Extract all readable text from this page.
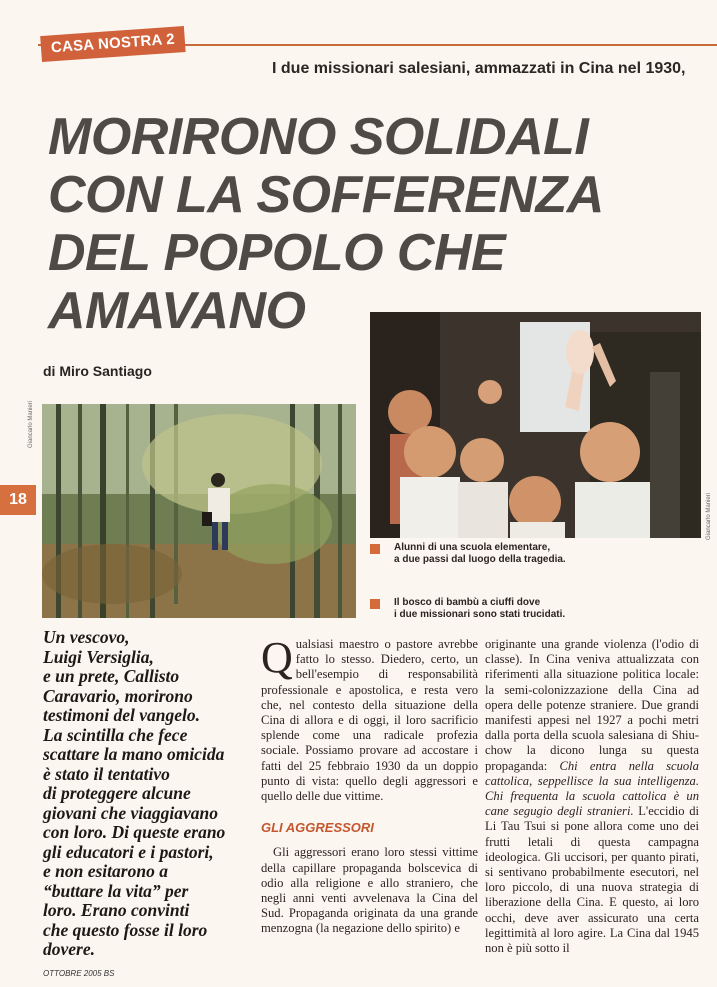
CASA NOSTRA 2
I due missionari salesiani, ammazzati in Cina nel 1930,
MORIRONO SOLIDALI
CON LA SOFFERENZA
DEL POPOLO CHE
AMAVANO
di Miro Santiago
Giancarlo Manieri
18
Giancarlo Manieri
Alunni di una scuola elementare,
a due passi dal luogo della tragedia.
Il bosco di bambù a ciuffi dove
i due missionari sono stati trucidati.
Un vescovo,
Luigi Versiglia,
e un prete, Callisto
Caravario, morirono
testimoni del vangelo.
La scintilla che fece
scattare la mano omicida
è stato il tentativo
di proteggere alcune
giovani che viaggiavano
con loro. Di queste erano
gli educatori e i pastori,
e non esitarono a
“buttare la vita” per
loro. Erano convinti
che questo fosse il loro
dovere.
Qualsiasi maestro o pastore avrebbe fatto lo stesso. Diedero, certo, un bell'esempio di responsabilità professionale e apostolica, e resta vero che, nel contesto della situazione della Cina di allora e di oggi, il loro sacrificio splende come una radicale profezia sociale. Possiamo provare ad accostare i fatti del 25 febbraio 1930 da un doppio punto di vista: quello degli aggressori e quello delle due vittime.
GLI AGGRESSORI
Gli aggressori erano loro stessi vittime della capillare propaganda bolscevica di odio alla religione e allo straniero, che negli anni venti avvelenava la Cina del Sud. Propaganda originata da una grande menzogna (la negazione dello spirito) e
originante una grande violenza (l'odio di classe). In Cina veniva attualizzata con riferimenti alla situazione politica locale: la semi-colonizzazione della Cina ad opera delle potenze straniere. Due grandi manifesti appesi nel 1927 a pochi metri dalla porta della scuola salesiana di Shiu-chow la dicono lunga su questa propaganda: Chi entra nella scuola cattolica, seppellisce la sua intelligenza. Chi frequenta la scuola cattolica è un cane segugio degli stranieri. L'eccidio di Li Tau Tsui si pone allora come uno dei frutti letali di questa campagna ideologica. Gli uccisori, per quanto pirati, si sentivano probabilmente esecutori, nel loro piccolo, di una nuova strategia di liberazione della Cina. E questo, ai loro occhi, deve aver assicurato una certa legittimità al loro agire. La Cina dal 1945 non è più sotto il
OTTOBRE 2005 BS
